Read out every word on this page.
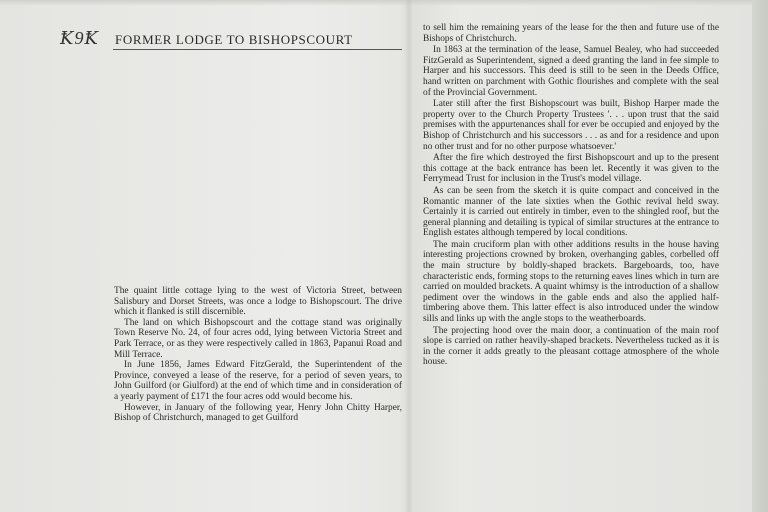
Ꝁ9Ꝁ FORMER LODGE TO BISHOPSCOURT

The quaint little cottage lying to the west of Victoria Street, between Salisbury and Dorset Streets, was once a lodge to Bishopscourt. The drive which it flanked is still discernible.

The land on which Bishopscourt and the cottage stand was originally Town Reserve No. 24, of four acres odd, lying between Victoria Street and Park Terrace, or as they were respectively called in 1863, Papanui Road and Mill Terrace.

In June 1856, James Edward FitzGerald, the Superintendent of the Province, conveyed a lease of the reserve, for a period of seven years, to John Guilford (or Giulford) at the end of which time and in consideration of a yearly payment of £171 the four acres odd would become his.

However, in January of the following year, Henry John Chitty Harper, Bishop of Christchurch, managed to get Guilford

to sell him the remaining years of the lease for the then and future use of the Bishops of Christchurch.

In 1863 at the termination of the lease, Samuel Bealey, who had succeeded FitzGerald as Superintendent, signed a deed granting the land in fee simple to Harper and his successors. This deed is still to be seen in the Deeds Office, hand written on parchment with Gothic flourishes and complete with the seal of the Provincial Government.

Later still after the first Bishopscourt was built, Bishop Harper made the property over to the Church Property Trustees '. . . upon trust that the said premises with the appurtenances shall for ever be occupied and enjoyed by the Bishop of Christchurch and his successors . . . as and for a residence and upon no other trust and for no other purpose whatsoever.'

After the fire which destroyed the first Bishopscourt and up to the present this cottage at the back entrance has been let. Recently it was given to the Ferrymead Trust for inclusion in the Trust's model village.

As can be seen from the sketch it is quite compact and conceived in the Romantic manner of the late sixties when the Gothic revival held sway. Certainly it is carried out entirely in timber, even to the shingled roof, but the general planning and detailing is typical of similar structures at the entrance to English estates although tempered by local conditions.

The main cruciform plan with other additions results in the house having interesting projections crowned by broken, overhanging gables, corbelled off the main structure by boldly-shaped brackets. Bargeboards, too, have characteristic ends, forming stops to the returning eaves lines which in turn are carried on moulded brackets. A quaint whimsy is the introduction of a shallow pediment over the windows in the gable ends and also the applied half-timbering above them. This latter effect is also introduced under the window sills and links up with the angle stops to the weatherboards.

The projecting hood over the main door, a continuation of the main roof slope is carried on rather heavily-shaped brackets. Nevertheless tucked as it is in the corner it adds greatly to the pleasant cottage atmosphere of the whole house.
